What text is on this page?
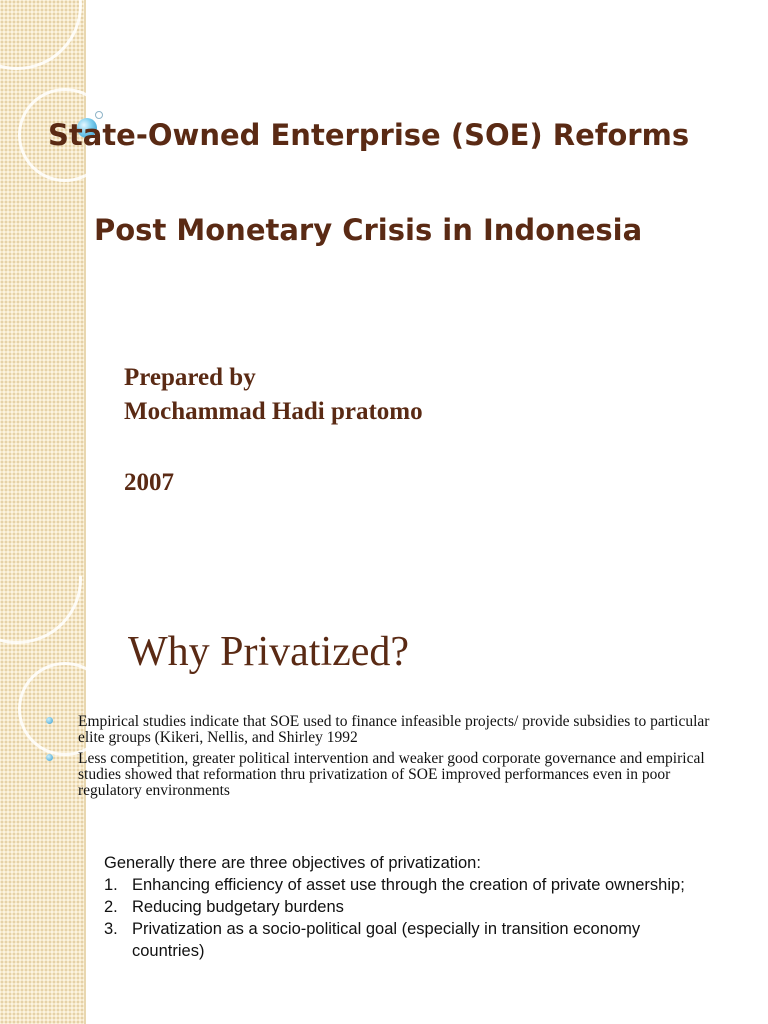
State-Owned Enterprise (SOE) Reforms
Post Monetary Crisis in Indonesia
Prepared by
Mochammad Hadi pratomo
2007
Why Privatized?
Empirical studies indicate that SOE used to finance infeasible projects/ provide subsidies to particular elite groups (Kikeri, Nellis, and Shirley 1992
Less competition, greater political intervention and weaker good corporate governance and empirical studies showed that reformation thru privatization of SOE improved performances even in poor regulatory environments
Generally there are three objectives of privatization:
1. Enhancing efficiency of asset use through the creation of private ownership;
2. Reducing budgetary burdens
3. Privatization as a socio-political goal (especially in transition economy countries)
